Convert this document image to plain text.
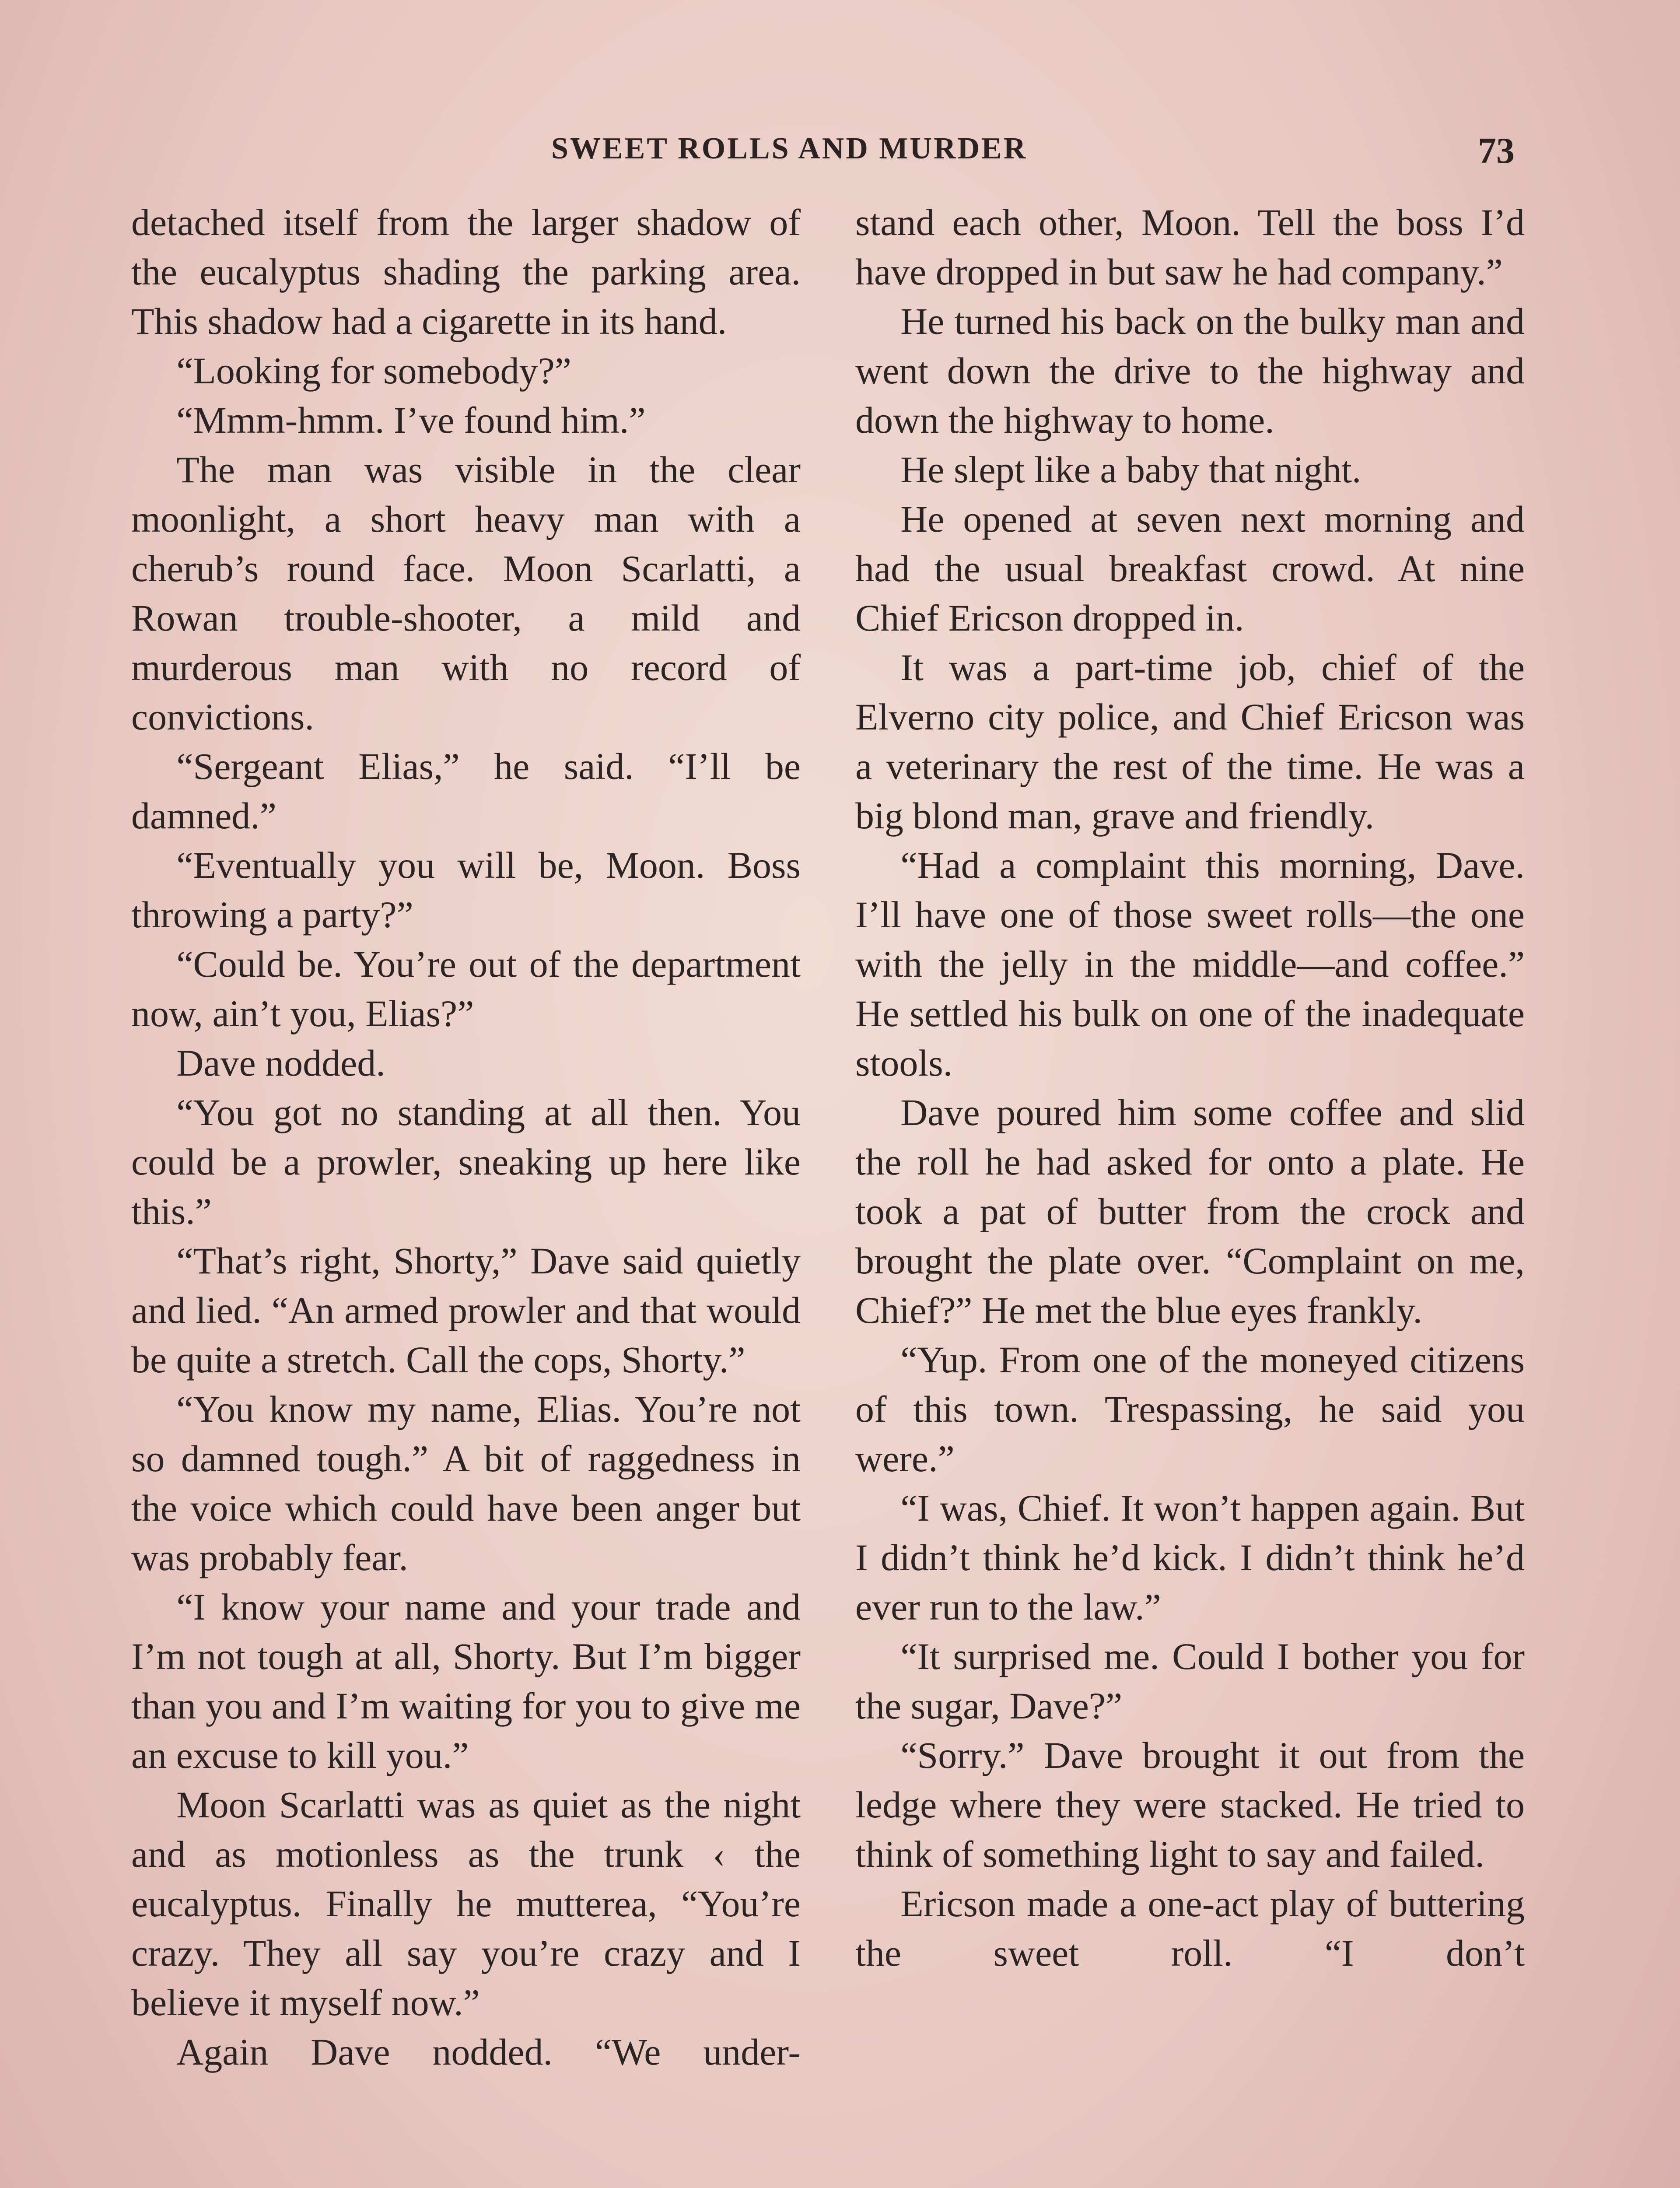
SWEET ROLLS AND MURDER	73

detached itself from the larger shadow of the eucalyptus shading the parking area. This shadow had a cigarette in its hand.

“Looking for somebody?”

“Mmm-hmm. I’ve found him.”

The man was visible in the clear moonlight, a short heavy man with a cherub’s round face. Moon Scarlatti, a Rowan trouble-shooter, a mild and murderous man with no record of convictions.

“Sergeant Elias,” he said. “I’ll be damned.”

“Eventually you will be, Moon. Boss throwing a party?”

“Could be. You’re out of the department now, ain’t you, Elias?”

Dave nodded.

“You got no standing at all then. You could be a prowler, sneaking up here like this.”

“That’s right, Shorty,” Dave said quietly and lied. “An armed prowler and that would be quite a stretch. Call the cops, Shorty.”

“You know my name, Elias. You’re not so damned tough.” A bit of raggedness in the voice which could have been anger but was probably fear.

“I know your name and your trade and I’m not tough at all, Shorty. But I’m bigger than you and I’m waiting for you to give me an excuse to kill you.”

Moon Scarlatti was as quiet as the night and as motionless as the trunk ‹ the eucalyptus. Finally he mutterea, “You’re crazy. They all say you’re crazy and I believe it myself now.”

Again Dave nodded. “We under-

stand each other, Moon. Tell the boss I’d have dropped in but saw he had company.”

He turned his back on the bulky man and went down the drive to the highway and down the highway to home.

He slept like a baby that night.

He opened at seven next morning and had the usual breakfast crowd. At nine Chief Ericson dropped in.

It was a part-time job, chief of the Elverno city police, and Chief Ericson was a veterinary the rest of the time. He was a big blond man, grave and friendly.

“Had a complaint this morning, Dave. I’ll have one of those sweet rolls—the one with the jelly in the middle—and coffee.” He settled his bulk on one of the inadequate stools.

Dave poured him some coffee and slid the roll he had asked for onto a plate. He took a pat of butter from the crock and brought the plate over. “Complaint on me, Chief?” He met the blue eyes frankly.

“Yup. From one of the moneyed citizens of this town. Trespassing, he said you were.”

“I was, Chief. It won’t happen again. But I didn’t think he’d kick. I didn’t think he’d ever run to the law.”

“It surprised me. Could I bother you for the sugar, Dave?”

“Sorry.” Dave brought it out from the ledge where they were stacked. He tried to think of something light to say and failed.

Ericson made a one-act play of buttering the sweet roll. “I don’t
